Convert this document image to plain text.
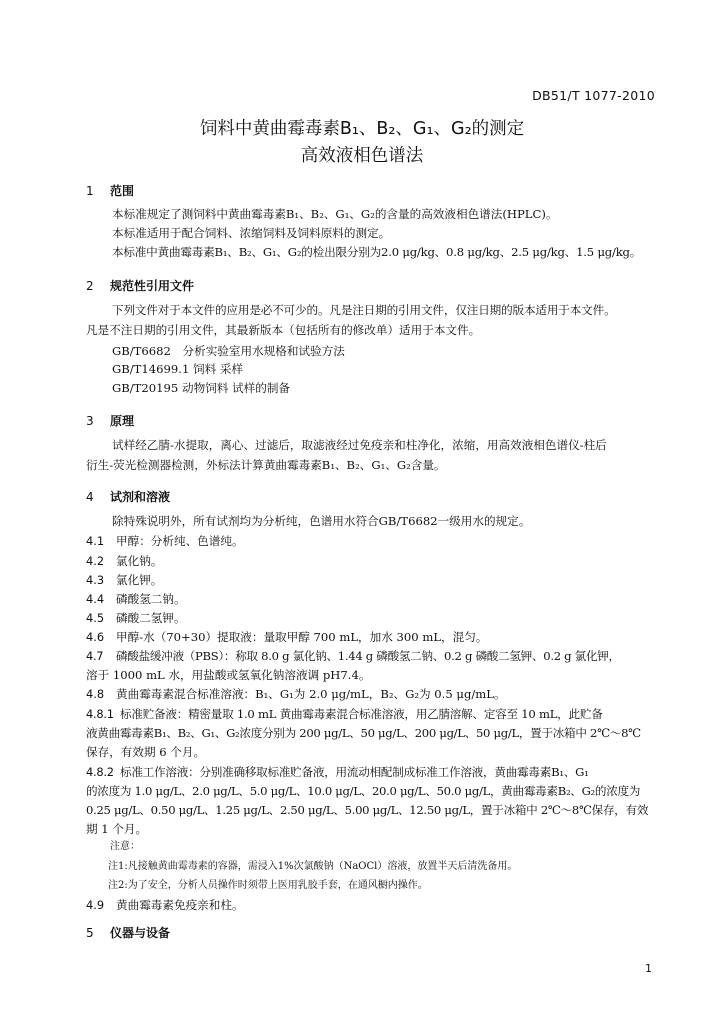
DB51/T 1077-2010
饲料中黄曲霉毒素B₁、B₂、G₁、G₂的测定
高效液相色谱法
1 范围
本标准规定了测饲料中黄曲霉毒素B₁、B₂、G₁、G₂的含量的高效液相色谱法(HPLC)。
本标准适用于配合饲料、浓缩饲料及饲料原料的测定。
本标准中黄曲霉毒素B₁、B₂、G₁、G₂的检出限分别为2.0 μg/kg、0.8 μg/kg、2.5 μg/kg、1.5 μg/kg。
2 规范性引用文件
下列文件对于本文件的应用是必不可少的。凡是注日期的引用文件，仅注日期的版本适用于本文件。
凡是不注日期的引用文件，其最新版本（包括所有的修改单）适用于本文件。
GB/T6682　分析实验室用水规格和试验方法
GB/T14699.1 饲料 采样
GB/T20195 动物饲料 试样的制备
3 原理
试样经乙腈-水提取，离心、过滤后，取滤液经过免疫亲和柱净化，浓缩，用高效液相色谱仪-柱后
衍生-荧光检测器检测，外标法计算黄曲霉毒素B₁、B₂、G₁、G₂含量。
4 试剂和溶液
除特殊说明外，所有试剂均为分析纯，色谱用水符合GB/T6682一级用水的规定。
4.1 甲醇：分析纯、色谱纯。
4.2 氯化钠。
4.3 氯化钾。
4.4 磷酸氢二钠。
4.5 磷酸二氢钾。
4.6 甲醇-水（70+30）提取液：量取甲醇 700 mL，加水 300 mL，混匀。
4.7 磷酸盐缓冲液（PBS）：称取 8.0 g 氯化钠、1.44 g 磷酸氢二钠、0.2 g 磷酸二氢钾、0.2 g 氯化钾，
溶于 1000 mL 水，用盐酸或氢氧化钠溶液调 pH7.4。
4.8 黄曲霉毒素混合标准溶液：B₁、G₁为 2.0 μg/mL，B₂、G₂为 0.5 μg/mL。
4.8.1 标准贮备液：精密量取 1.0 mL 黄曲霉毒素混合标准溶液，用乙腈溶解、定容至 10 mL，此贮备
液黄曲霉毒素B₁、B₂、G₁、G₂浓度分别为 200 μg/L、50 μg/L、200 μg/L、50 μg/L，置于冰箱中 2℃～8℃
保存，有效期 6 个月。
4.8.2 标准工作溶液：分别准确移取标准贮备液，用流动相配制成标准工作溶液，黄曲霉毒素B₁、G₁
的浓度为 1.0 μg/L、2.0 μg/L、5.0 μg/L、10.0 μg/L、20.0 μg/L、50.0 μg/L，黄曲霉毒素B₂、G₂的浓度为
0.25 μg/L、0.50 μg/L、1.25 μg/L、2.50 μg/L、5.00 μg/L、12.50 μg/L，置于冰箱中 2℃～8℃保存，有效
期 1 个月。
注意：
注1:凡接触黄曲霉毒素的容器，需浸入1%次氯酸钠（NaOCl）溶液，放置半天后清洗备用。
注2:为了安全，分析人员操作时须带上医用乳胶手套，在通风橱内操作。
4.9 黄曲霉毒素免疫亲和柱。
5 仪器与设备
1
